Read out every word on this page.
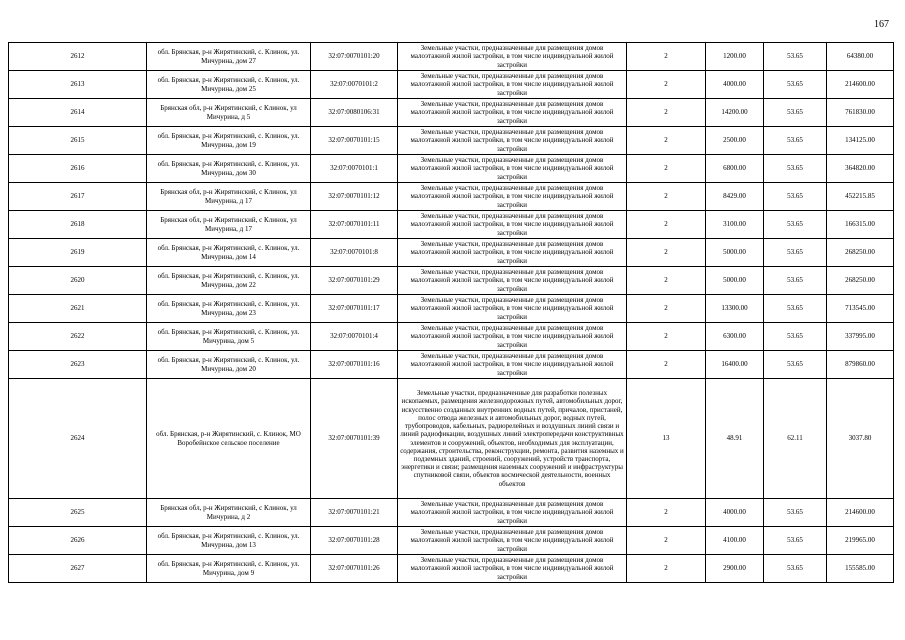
167
2612	обл. Брянская, р-н Жирятинский, с. Клинок, ул. Мичурина, дом 27	32:07:0070101:20	Земельные участки, предназначенные для размещения домов малоэтажной жилой застройки, в том числе индивидуальной жилой застройки	2	1200.00	53.65	64380.00
2613	обл. Брянская, р-н Жирятинский, с. Клинок, ул. Мичурина, дом 25	32:07:0070101:2	Земельные участки, предназначенные для размещения домов малоэтажной жилой застройки, в том числе индивидуальной жилой застройки	2	4000.00	53.65	214600.00
2614	Брянская обл, р-н Жирятинский, с Клинок, ул Мичурина, д 5	32:07:0080106:31	Земельные участки, предназначенные для размещения домов малоэтажной жилой застройки, в том числе индивидуальной жилой застройки	2	14200.00	53.65	761830.00
2615	обл. Брянская, р-н Жирятинский, с. Клинок, ул. Мичурина, дом 19	32:07:0070101:15	Земельные участки, предназначенные для размещения домов малоэтажной жилой застройки, в том числе индивидуальной жилой застройки	2	2500.00	53.65	134125.00
2616	обл. Брянская, р-н Жирятинский, с. Клинок, ул. Мичурина, дом 30	32:07:0070101:1	Земельные участки, предназначенные для размещения домов малоэтажной жилой застройки, в том числе индивидуальной жилой застройки	2	6800.00	53.65	364820.00
2617	Брянская обл, р-н Жирятинский, с Клинок, ул Мичурина, д 17	32:07:0070101:12	Земельные участки, предназначенные для размещения домов малоэтажной жилой застройки, в том числе индивидуальной жилой застройки	2	8429.00	53.65	452215.85
2618	Брянская обл, р-н Жирятинский, с Клинок, ул Мичурина, д 17	32:07:0070101:11	Земельные участки, предназначенные для размещения домов малоэтажной жилой застройки, в том числе индивидуальной жилой застройки	2	3100.00	53.65	166315.00
2619	обл. Брянская, р-н Жирятинский, с. Клинок, ул. Мичурина, дом 14	32:07:0070101:8	Земельные участки, предназначенные для размещения домов малоэтажной жилой застройки, в том числе индивидуальной жилой застройки	2	5000.00	53.65	268250.00
2620	обл. Брянская, р-н Жирятинский, с. Клинок, ул. Мичурина, дом 22	32:07:0070101:29	Земельные участки, предназначенные для размещения домов малоэтажной жилой застройки, в том числе индивидуальной жилой застройки	2	5000.00	53.65	268250.00
2621	обл. Брянская, р-н Жирятинский, с. Клинок, ул. Мичурина, дом 23	32:07:0070101:17	Земельные участки, предназначенные для размещения домов малоэтажной жилой застройки, в том числе индивидуальной жилой застройки	2	13300.00	53.65	713545.00
2622	обл. Брянская, р-н Жирятинский, с. Клинок, ул. Мичурина, дом 5	32:07:0070101:4	Земельные участки, предназначенные для размещения домов малоэтажной жилой застройки, в том числе индивидуальной жилой застройки	2	6300.00	53.65	337995.00
2623	обл. Брянская, р-н Жирятинский, с. Клинок, ул. Мичурина, дом 20	32:07:0070101:16	Земельные участки, предназначенные для размещения домов малоэтажной жилой застройки, в том числе индивидуальной жилой застройки	2	16400.00	53.65	879860.00
2624	обл. Брянская, р-н Жирятинский, с. Клинок, МО Воробейнское сельское поселение	32:07:0070101:39	Земельные участки, предназначенные для разработки полезных ископаемых, размещения железнодорожных путей, автомобильных дорог, искусственно созданных внутренних водных путей, причалов, пристаней, полос отвода железных и автомобильных дорог, водных путей, трубопроводов, кабельных, радиорелейных и воздушных линий связи и линий радиофикации, воздушных линий электропередачи конструктивных элементов и сооружений, объектов, необходимых для эксплуатации, содержания, строительства, реконструкции, ремонта, развития наземных и подземных зданий, строений, сооружений, устройств транспорта, энергетики и связи; размещения наземных сооружений и инфраструктуры спутниковой связи, объектов космической деятельности, военных объектов	13	48.91	62.11	3037.80
2625	Брянская обл, р-н Жирятинский, с Клинок, ул Мичурина, д 2	32:07:0070101:21	Земельные участки, предназначенные для размещения домов малоэтажной жилой застройки, в том числе индивидуальной жилой застройки	2	4000.00	53.65	214600.00
2626	обл. Брянская, р-н Жирятинский, с. Клинок, ул. Мичурина, дом 13	32:07:0070101:28	Земельные участки, предназначенные для размещения домов малоэтажной жилой застройки, в том числе индивидуальной жилой застройки	2	4100.00	53.65	219965.00
2627	обл. Брянская, р-н Жирятинский, с. Клинок, ул. Мичурина, дом 9	32:07:0070101:26	Земельные участки, предназначенные для размещения домов малоэтажной жилой застройки, в том числе индивидуальной жилой застройки	2	2900.00	53.65	155585.00
